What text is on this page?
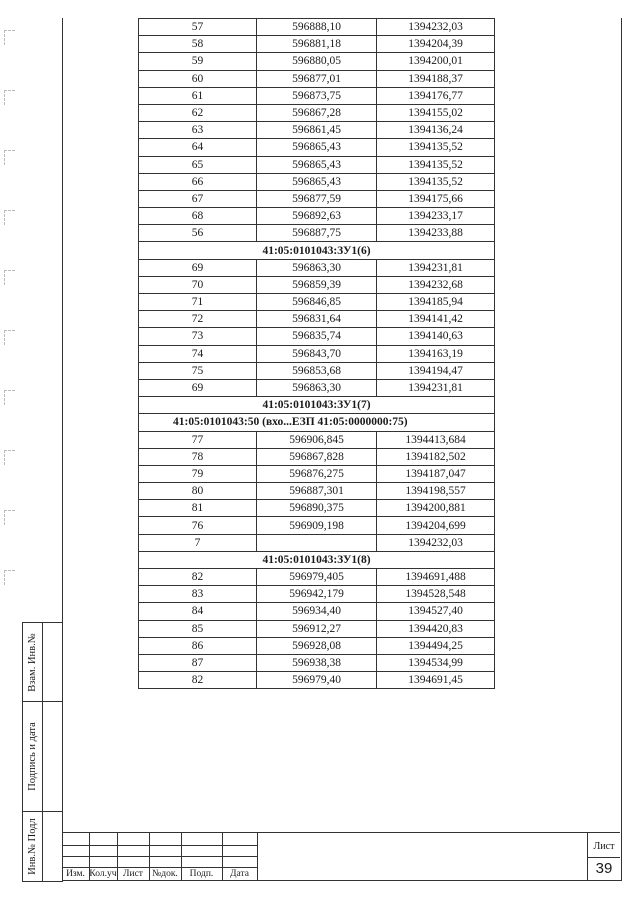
Взам. Инв.№
Подпись и дата
Инв.№ Подл
57	596888,10	1394232,03
58	596881,18	1394204,39
59	596880,05	1394200,01
60	596877,01	1394188,37
61	596873,75	1394176,77
62	596867,28	1394155,02
63	596861,45	1394136,24
64	596865,43	1394135,52
65	596865,43	1394135,52
66	596865,43	1394135,52
67	596877,59	1394175,66
68	596892,63	1394233,17
56	596887,75	1394233,88
41:05:0101043:ЗУ1(6)		
69	596863,30	1394231,81
70	596859,39	1394232,68
71	596846,85	1394185,94
72	596831,64	1394141,42
73	596835,74	1394140,63
74	596843,70	1394163,19
75	596853,68	1394194,47
69	596863,30	1394231,81
41:05:0101043:ЗУ1(7)		
41:05:0101043:50 (вхо...ЕЗП 41:05:0000000:75)		
77	596906,845	1394413,684
78	596867,828	1394182,502
79	596876,275	1394187,047
80	596887,301	1394198,557
81	596890,375	1394200,881
76	596909,198	1394204,699
7		1394232,03
41:05:0101043:ЗУ1(8)		
82	596979,405	1394691,488
83	596942,179	1394528,548
84	596934,40	1394527,40
85	596912,27	1394420,83
86	596928,08	1394494,25
87	596938,38	1394534,99
82	596979,40	1394691,45
Изм. Кол.уч Лист №док.	Подп.	Дата
Лист
39
